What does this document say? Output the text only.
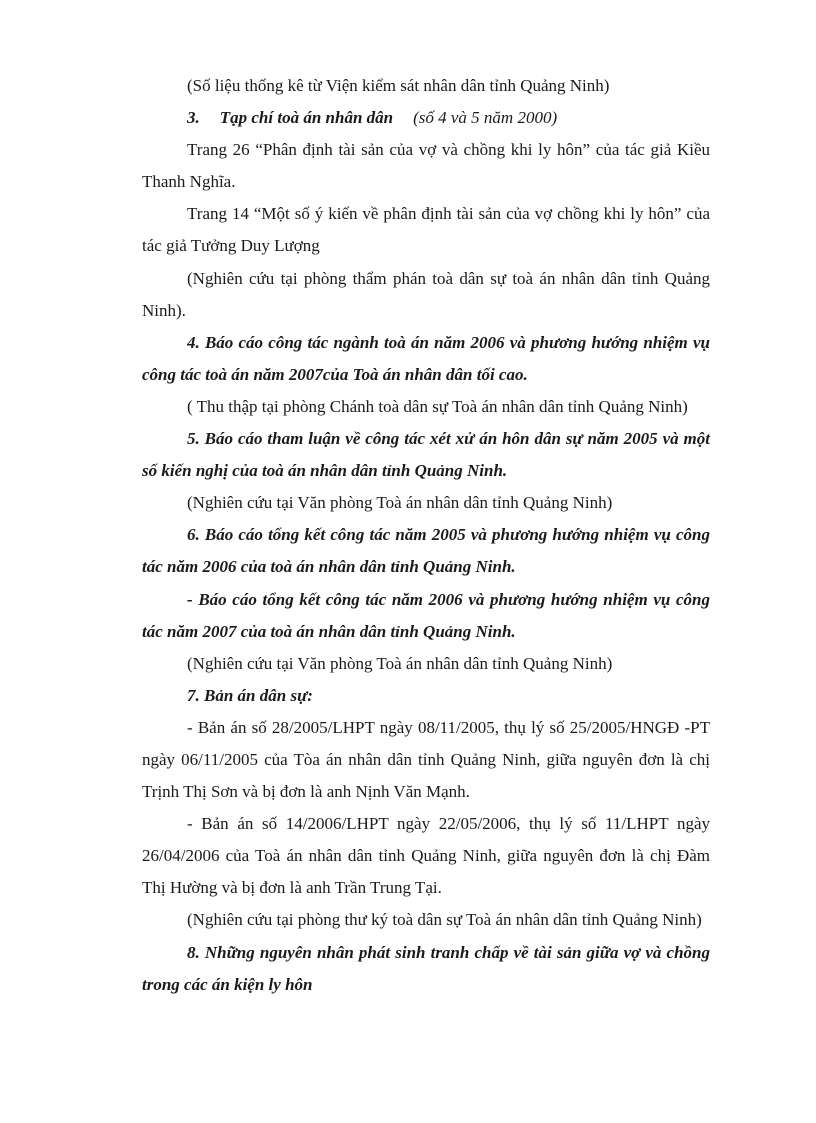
(Số liệu thống kê từ Viện kiểm sát nhân dân tỉnh Quảng Ninh)

3. Tạp chí toà án nhân dân (số 4 và 5 năm 2000)

Trang 26 “Phân định tài sản của vợ và chồng khi ly hôn” của tác giả Kiều Thanh Nghĩa.

Trang 14 “Một số ý kiến về phân định tài sản của vợ chồng khi ly hôn” của tác giả Tưởng Duy Lượng

(Nghiên cứu tại phòng thẩm phán toà dân sự toà án nhân dân tỉnh Quảng Ninh).

4. Báo cáo công tác ngành toà án năm 2006 và phương hướng nhiệm vụ công tác toà án năm 2007của Toà án nhân dân tối cao.

( Thu thập tại phòng Chánh toà dân sự Toà án nhân dân tỉnh Quảng Ninh)

5. Báo cáo tham luận về công tác xét xử án hôn dân sự năm 2005 và một số kiến nghị của toà án nhân dân tỉnh Quảng Ninh.

(Nghiên cứu tại Văn phòng Toà án nhân dân tỉnh Quảng Ninh)

6. Báo cáo tổng kết công tác năm 2005 và phương hướng nhiệm vụ công tác năm 2006 của toà án nhân dân tỉnh Quảng Ninh.

- Báo cáo tổng kết công tác năm 2006 và phương hướng nhiệm vụ công tác năm 2007 của toà án nhân dân tỉnh Quảng Ninh.

(Nghiên cứu tại Văn phòng Toà án nhân dân tỉnh Quảng Ninh)

7. Bản án dân sự:

- Bản án số 28/2005/LHPT ngày 08/11/2005, thụ lý số 25/2005/HNGĐ -PT ngày 06/11/2005 của Tòa án nhân dân tỉnh Quảng Ninh, giữa nguyên đơn là chị Trịnh Thị Sơn và bị đơn là anh Nịnh Văn Mạnh.

- Bản án số 14/2006/LHPT ngày 22/05/2006, thụ lý số 11/LHPT ngày 26/04/2006 của Toà án nhân dân tỉnh Quảng Ninh, giữa nguyên đơn là chị Đàm Thị Hường và bị đơn là anh Trần Trung Tại.

(Nghiên cứu tại phòng thư ký toà dân sự Toà án nhân dân tỉnh Quảng Ninh)

8. Những nguyên nhân phát sinh tranh chấp về tài sản giữa vợ và chồng trong các án kiện ly hôn
